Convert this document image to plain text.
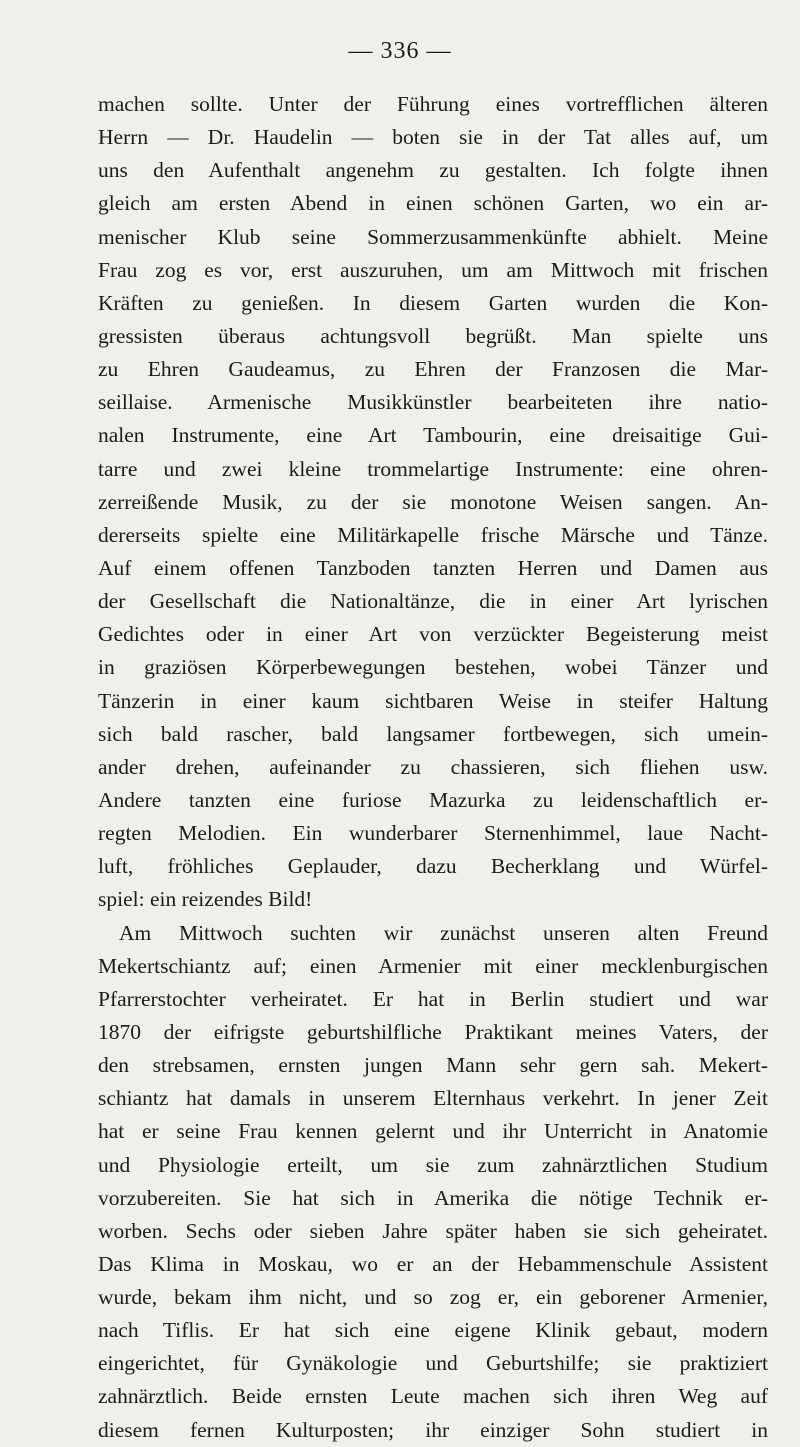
— 336 —
machen sollte. Unter der Führung eines vortrefflichen älteren
Herrn — Dr. Haudelin — boten sie in der Tat alles auf, um
uns den Aufenthalt angenehm zu gestalten. Ich folgte ihnen
gleich am ersten Abend in einen schönen Garten, wo ein ar-
menischer Klub seine Sommerzusammenkünfte abhielt. Meine
Frau zog es vor, erst auszuruhen, um am Mittwoch mit frischen
Kräften zu genießen. In diesem Garten wurden die Kon-
gressisten überaus achtungsvoll begrüßt. Man spielte uns
zu Ehren Gaudeamus, zu Ehren der Franzosen die Mar-
seillaise. Armenische Musikkünstler bearbeiteten ihre natio-
nalen Instrumente, eine Art Tambourin, eine dreisaitige Gui-
tarre und zwei kleine trommelartige Instrumente: eine ohren-
zerreißende Musik, zu der sie monotone Weisen sangen. An-
dererseits spielte eine Militärkapelle frische Märsche und Tänze.
Auf einem offenen Tanzboden tanzten Herren und Damen aus
der Gesellschaft die Nationaltänze, die in einer Art lyrischen
Gedichtes oder in einer Art von verzückter Begeisterung meist
in graziösen Körperbewegungen bestehen, wobei Tänzer und
Tänzerin in einer kaum sichtbaren Weise in steifer Haltung
sich bald rascher, bald langsamer fortbewegen, sich umein-
ander drehen, aufeinander zu chassieren, sich fliehen usw.
Andere tanzten eine furiose Mazurka zu leidenschaftlich er-
regten Melodien. Ein wunderbarer Sternenhimmel, laue Nacht-
luft, fröhliches Geplauder, dazu Becherklang und Würfel-
spiel: ein reizendes Bild!
Am Mittwoch suchten wir zunächst unseren alten Freund
Mekertschiantz auf; einen Armenier mit einer mecklenburgischen
Pfarrerstochter verheiratet. Er hat in Berlin studiert und war
1870 der eifrigste geburtshilfliche Praktikant meines Vaters, der
den strebsamen, ernsten jungen Mann sehr gern sah. Mekert-
schiantz hat damals in unserem Elternhaus verkehrt. In jener Zeit
hat er seine Frau kennen gelernt und ihr Unterricht in Anatomie
und Physiologie erteilt, um sie zum zahnärztlichen Studium
vorzubereiten. Sie hat sich in Amerika die nötige Technik er-
worben. Sechs oder sieben Jahre später haben sie sich geheiratet.
Das Klima in Moskau, wo er an der Hebammenschule Assistent
wurde, bekam ihm nicht, und so zog er, ein geborener Armenier,
nach Tiflis. Er hat sich eine eigene Klinik gebaut, modern
eingerichtet, für Gynäkologie und Geburtshilfe; sie praktiziert
zahnärztlich. Beide ernsten Leute machen sich ihren Weg auf
diesem fernen Kulturposten; ihr einziger Sohn studiert in
